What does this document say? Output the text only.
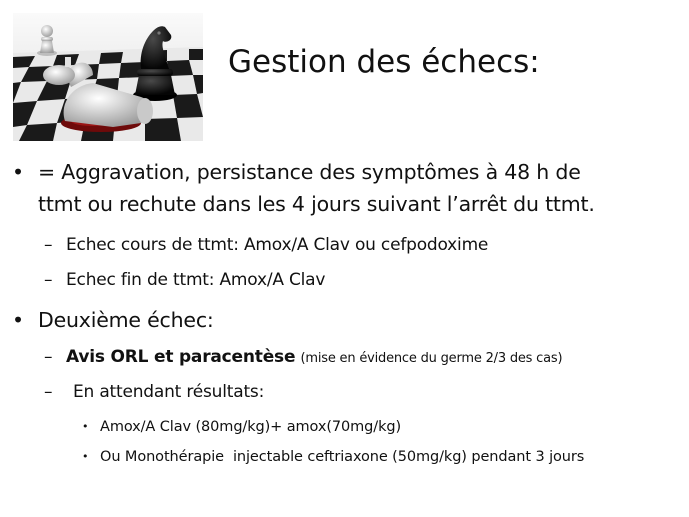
Gestion des échecs:
• = Aggravation, persistance des symptômes à 48 h de
ttmt ou rechute dans les 4 jours suivant l’arrêt du ttmt.
– Echec cours de ttmt: Amox/A Clav ou cefpodoxime
– Echec fin de ttmt: Amox/A Clav
• Deuxième échec:
– Avis ORL et paracentèse (mise en évidence du germe 2/3 des cas)
– En attendant résultats:
• Amox/A Clav (80mg/kg)+ amox(70mg/kg)
• Ou Monothérapie  injectable ceftriaxone (50mg/kg) pendant 3 jours
